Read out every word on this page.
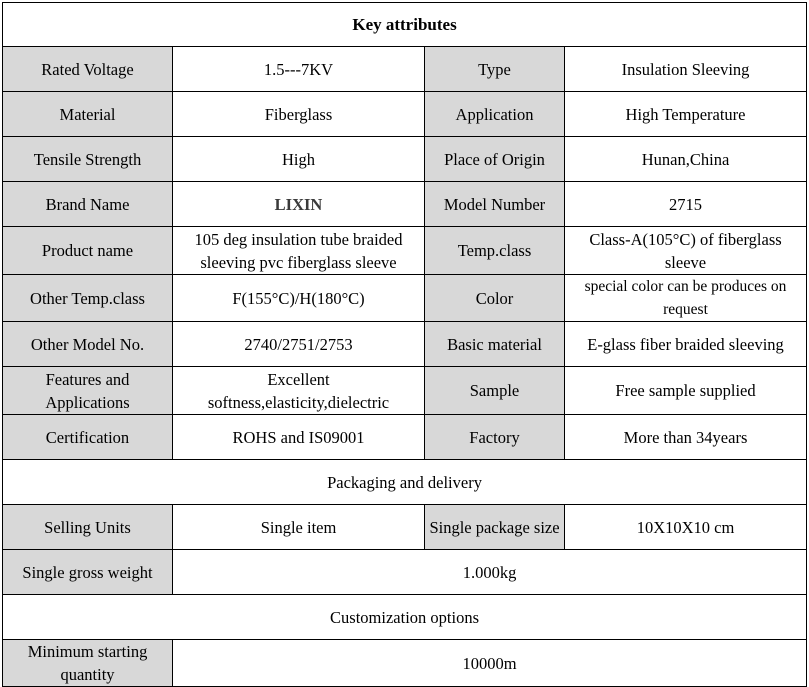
Key attributes			
Rated Voltage	1.5---7KV	Type	Insulation Sleeving
Material	Fiberglass	Application	High Temperature
Tensile Strength	High	Place of Origin	Hunan,China
Brand Name	LIXIN	Model Number	2715
Product name	105 deg insulation tube braided sleeving pvc fiberglass sleeve	Temp.class	Class-A(105°C) of fiberglass sleeve
Other Temp.class	F(155°C)/H(180°C)	Color	special color can be produces on request
Other Model No.	2740/2751/2753	Basic material	E-glass fiber braided sleeving
Features and Applications	Excellent softness,elasticity,dielectric	Sample	Free sample supplied
Certification	ROHS and IS09001	Factory	More than 34years
Packaging and delivery			
Selling Units	Single item	Single package size	10X10X10 cm
Single gross weight	1.000kg		
Customization options			
Minimum starting quantity	10000m		
